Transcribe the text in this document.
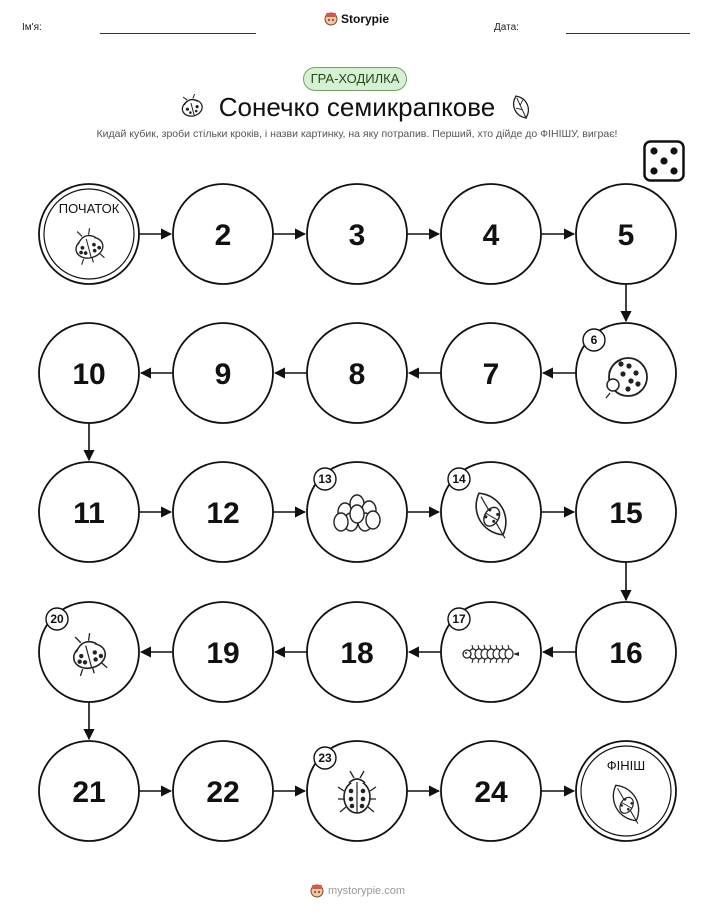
Ім'я:	Дата:
Storypie
ГРА-ХОДИЛКА
Сонечко семикрапкове
Кидай кубик, зроби стільки кроків, і назви картинку, на яку потрапив. Перший, хто дійде до ФІНІШУ, виграє!
ПОЧАТОК
2	3	4	5
6
7
8
9
10
11	12
13	14
15
16
17
18
19
20
21	22
23
24
ФІНІШ
mystorypie.com
